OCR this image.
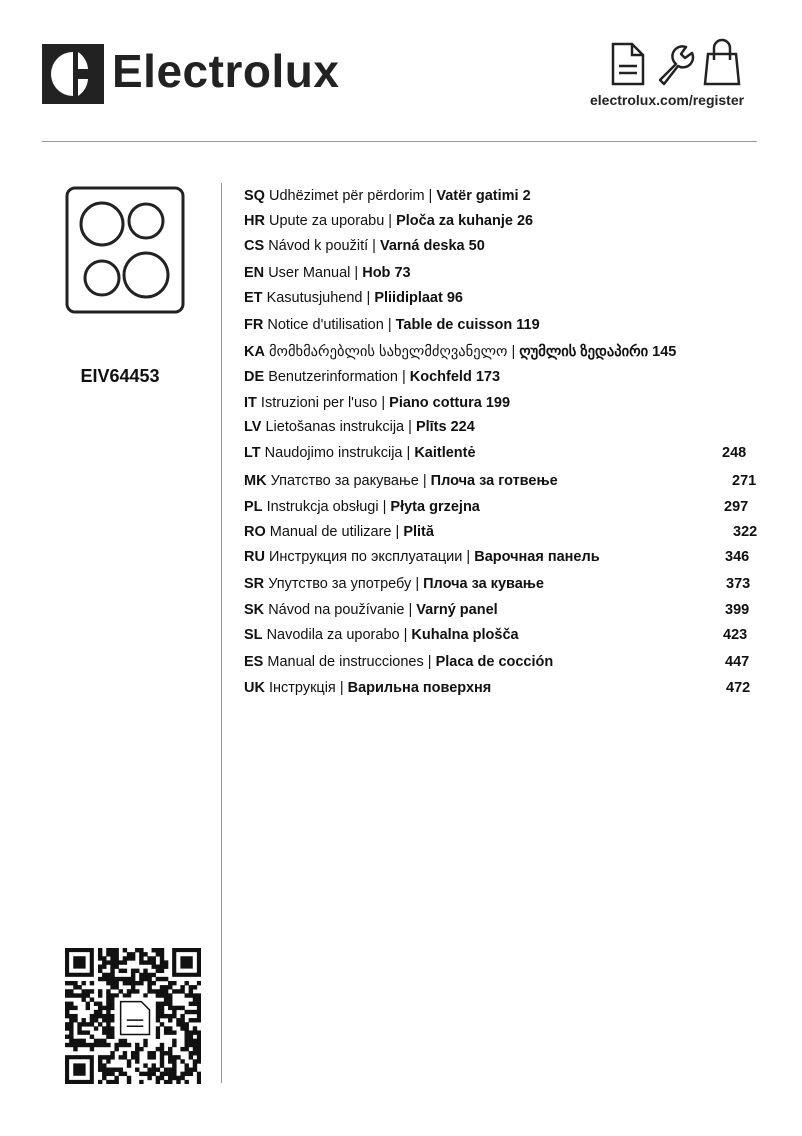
Electrolux
electrolux.com/register
EIV64453
SQ Udhëzimet për përdorim | Vatër gatimi 2
HR Upute za uporabu | Ploča za kuhanje 26
CS Návod k použití | Varná deska 50
EN User Manual | Hob 73
ET Kasutusjuhend | Pliidiplaat 96
FR Notice d'utilisation | Table de cuisson 119
KA მომხმარებლის სახელმძღვანელო | ღუმლის ზედაპირი 145
DE Benutzerinformation | Kochfeld 173
IT Istruzioni per l'uso | Piano cottura 199
LV Lietošanas instrukcija | Plīts 224
LT Naudojimo instrukcija | Kaitlentė	248
MK Упатство за ракување | Плоча за готвење	271
PL Instrukcja obsługi | Płyta grzejna	297
RO Manual de utilizare | Plită	322
RU Инструкция по эксплуатации | Варочная панель	346
SR Упутство за употребу | Плоча за кување	373
SK Návod na používanie | Varný panel	399
SL Navodila za uporabo | Kuhalna plošča	423
ES Manual de instrucciones | Placa de cocción	447
UK Інструкція | Варильна поверхня	472
